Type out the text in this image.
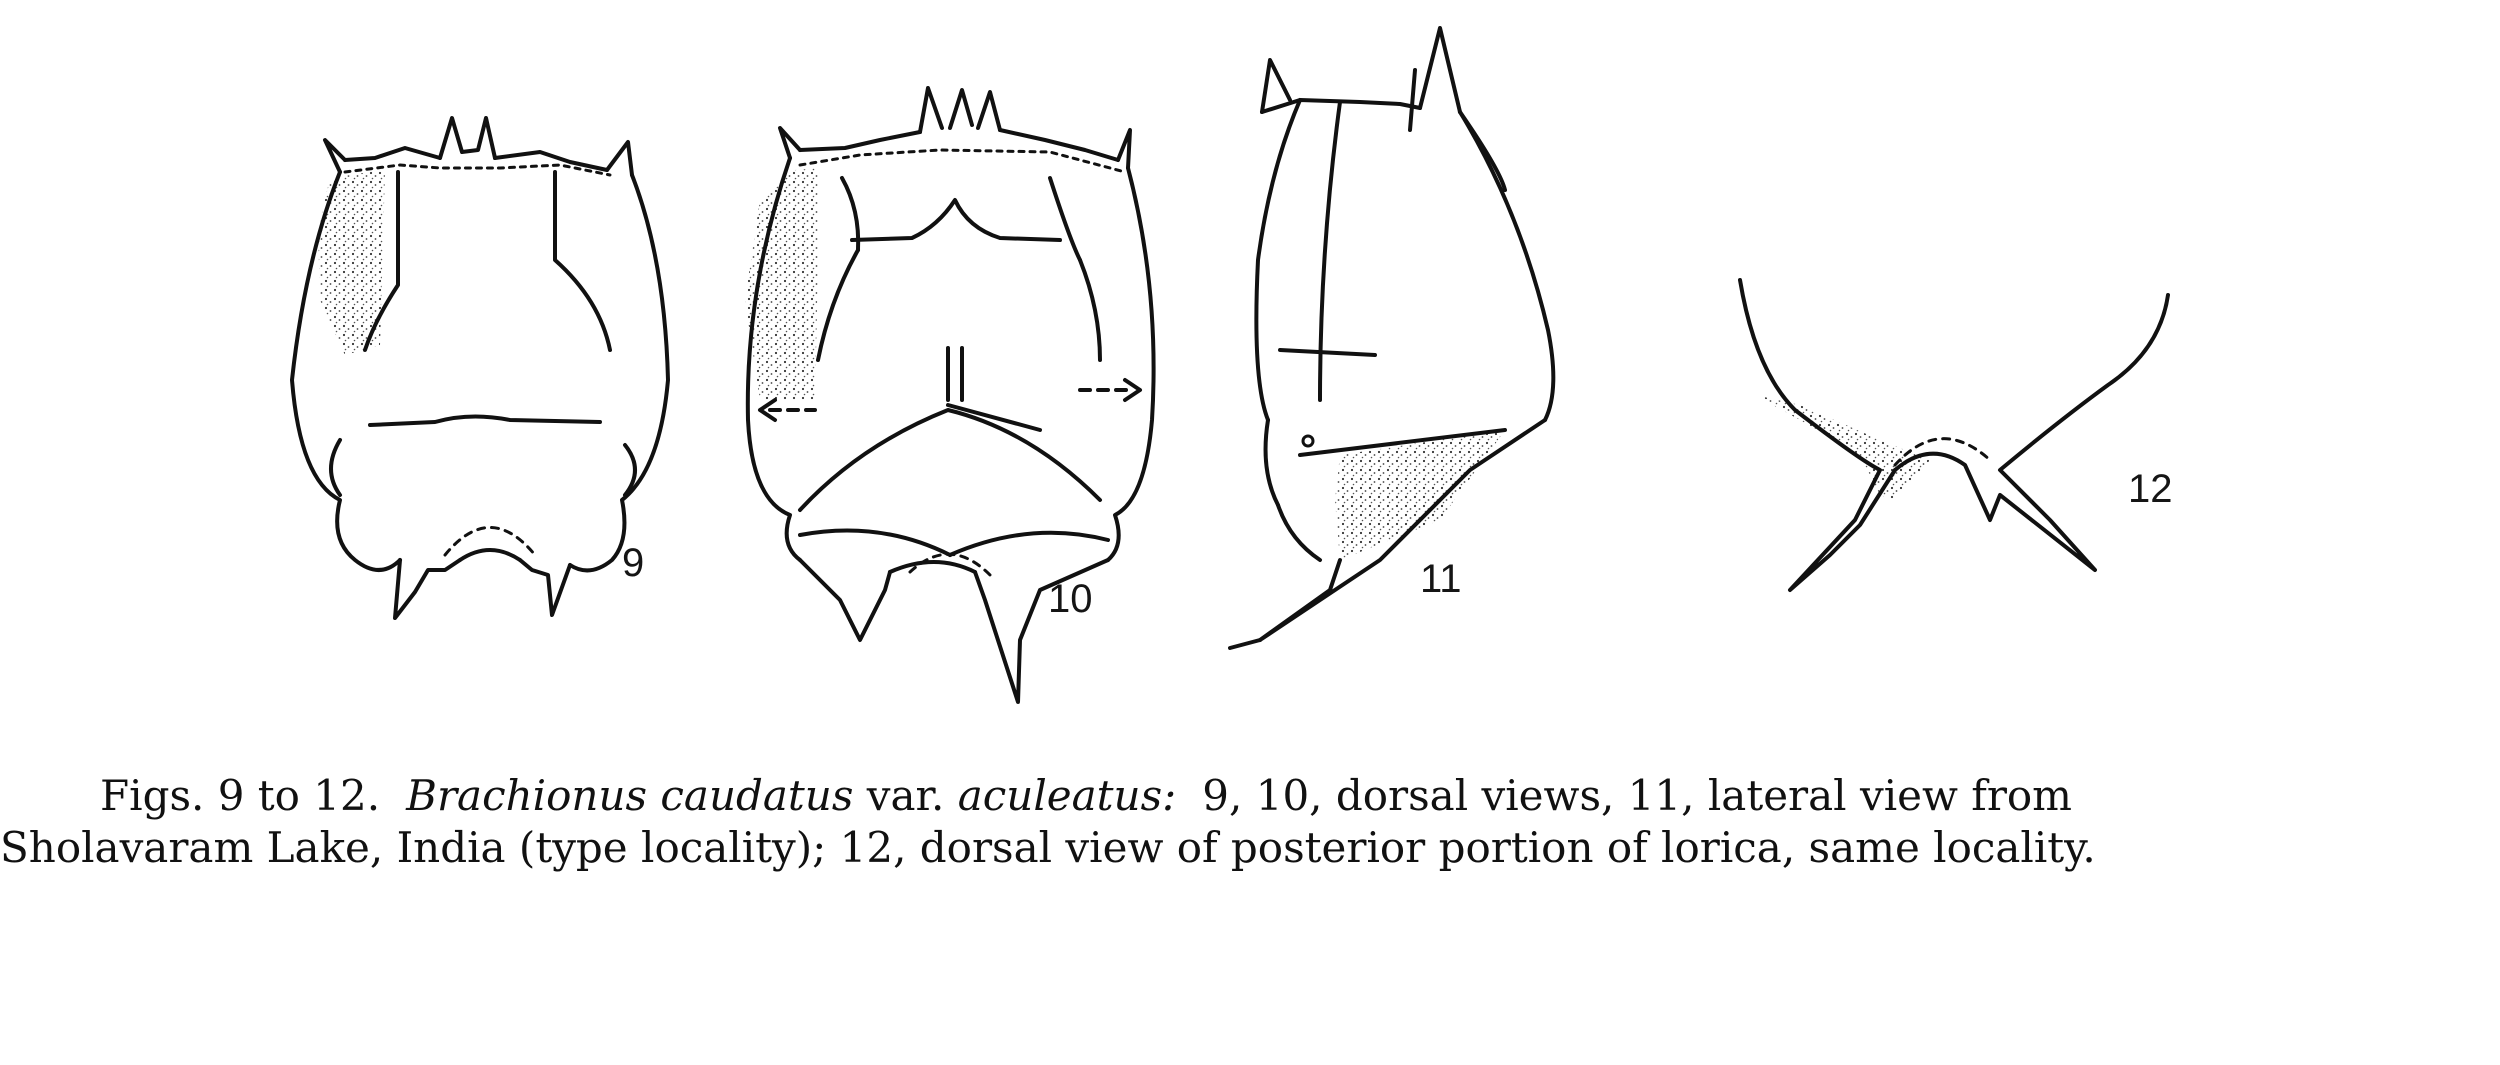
9
10	11
12
Figs. 9 to 12. Brachionus caudatus var. aculeatus: 9, 10, dorsal views, 11, lateral view from
Sholavaram Lake, India (type locality); 12, dorsal view of posterior portion of lorica, same locality.
